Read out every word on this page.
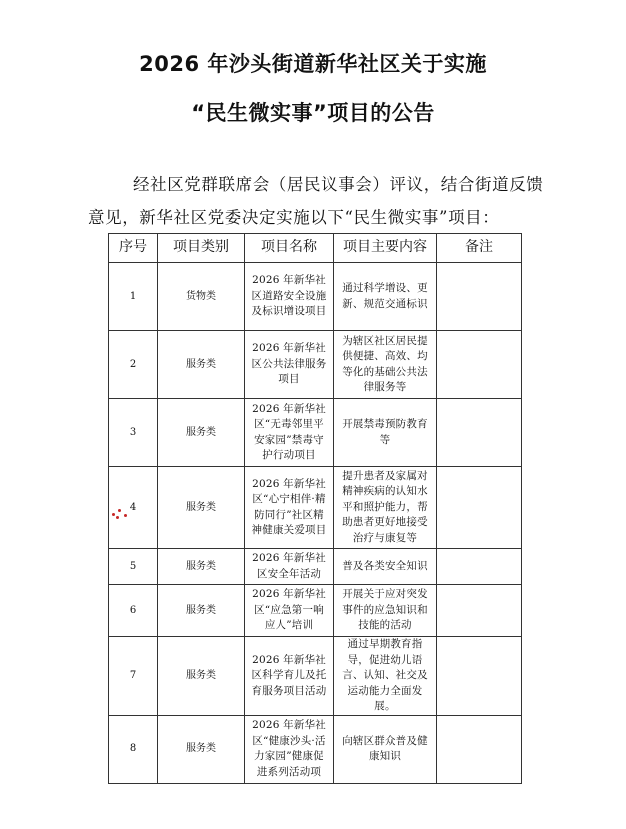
2026 年沙头街道新华社区关于实施
“民生微实事”项目的公告
经社区党群联席会（居民议事会）评议，结合街道反馈
意见，新华社区党委决定实施以下“民生微实事”项目：
序号	项目类别	项目名称	项目主要内容	备注
1	货物类	2026 年新华社区道路安全设施及标识增设项目	通过科学增设、更新、规范交通标识	
2	服务类	2026 年新华社区公共法律服务项目	为辖区社区居民提供便捷、高效、均等化的基础公共法律服务等	
3	服务类	2026 年新华社区“无毒邻里平安家园”禁毒守护行动项目	开展禁毒预防教育等	
4	服务类	2026 年新华社区“心宁相伴·精防同行”社区精神健康关爱项目	提升患者及家属对精神疾病的认知水平和照护能力，帮助患者更好地接受治疗与康复等	
5	服务类	2026 年新华社区安全年活动	普及各类安全知识	
6	服务类	2026 年新华社区“应急第一响应人”培训	开展关于应对突发事件的应急知识和技能的活动	
7	服务类	2026 年新华社区科学育儿及托育服务项目活动	通过早期教育指导，促进幼儿语言、认知、社交及运动能力全面发展。	
8	服务类	2026 年新华社区“健康沙头·活力家园”健康促进系列活动项	向辖区群众普及健康知识	
